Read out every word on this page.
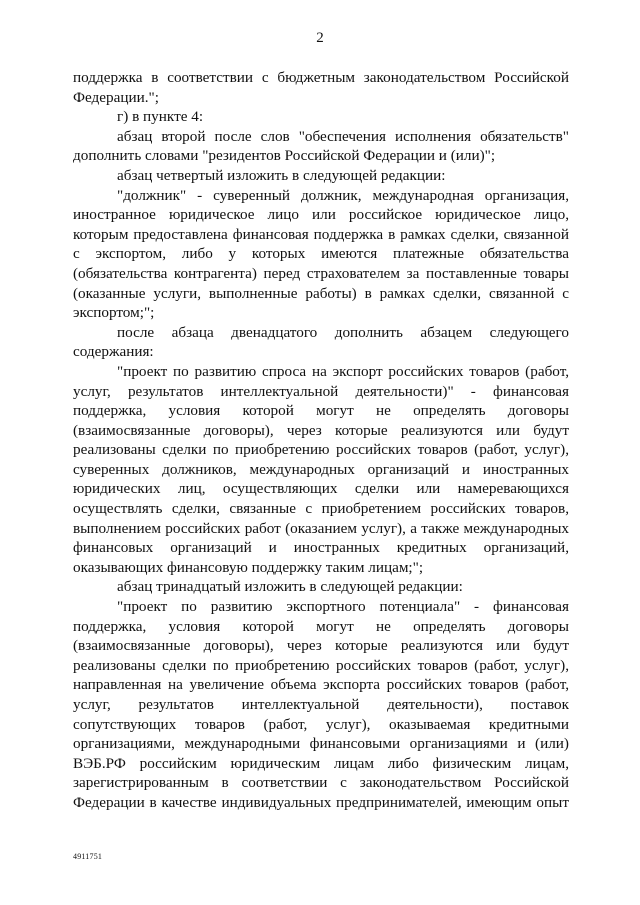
2

поддержка в соответствии с бюджетным законодательством Российской Федерации.";

г) в пункте 4:

абзац второй после слов "обеспечения исполнения обязательств" дополнить словами "резидентов Российской Федерации и (или)";

абзац четвертый изложить в следующей редакции:

"должник" - суверенный должник, международная организация, иностранное юридическое лицо или российское юридическое лицо, которым предоставлена финансовая поддержка в рамках сделки, связанной с экспортом, либо у которых имеются платежные обязательства (обязательства контрагента) перед страхователем за поставленные товары (оказанные услуги, выполненные работы) в рамках сделки, связанной с экспортом;";

после абзаца двенадцатого дополнить абзацем следующего содержания:

"проект по развитию спроса на экспорт российских товаров (работ, услуг, результатов интеллектуальной деятельности)" - финансовая поддержка, условия которой могут не определять договоры (взаимосвязанные договоры), через которые реализуются или будут реализованы сделки по приобретению российских товаров (работ, услуг), суверенных должников, международных организаций и иностранных юридических лиц, осуществляющих сделки или намеревающихся осуществлять сделки, связанные с приобретением российских товаров, выполнением российских работ (оказанием услуг), а также международных финансовых организаций и иностранных кредитных организаций, оказывающих финансовую поддержку таким лицам;";

абзац тринадцатый изложить в следующей редакции:

"проект по развитию экспортного потенциала" - финансовая поддержка, условия которой могут не определять договоры (взаимосвязанные договоры), через которые реализуются или будут реализованы сделки по приобретению российских товаров (работ, услуг), направленная на увеличение объема экспорта российских товаров (работ, услуг, результатов интеллектуальной деятельности), поставок сопутствующих товаров (работ, услуг), оказываемая кредитными организациями, международными финансовыми организациями и (или) ВЭБ.РФ российским юридическим лицам либо физическим лицам, зарегистрированным в соответствии с законодательством Российской Федерации в качестве индивидуальных предпринимателей, имеющим опыт

4911751
